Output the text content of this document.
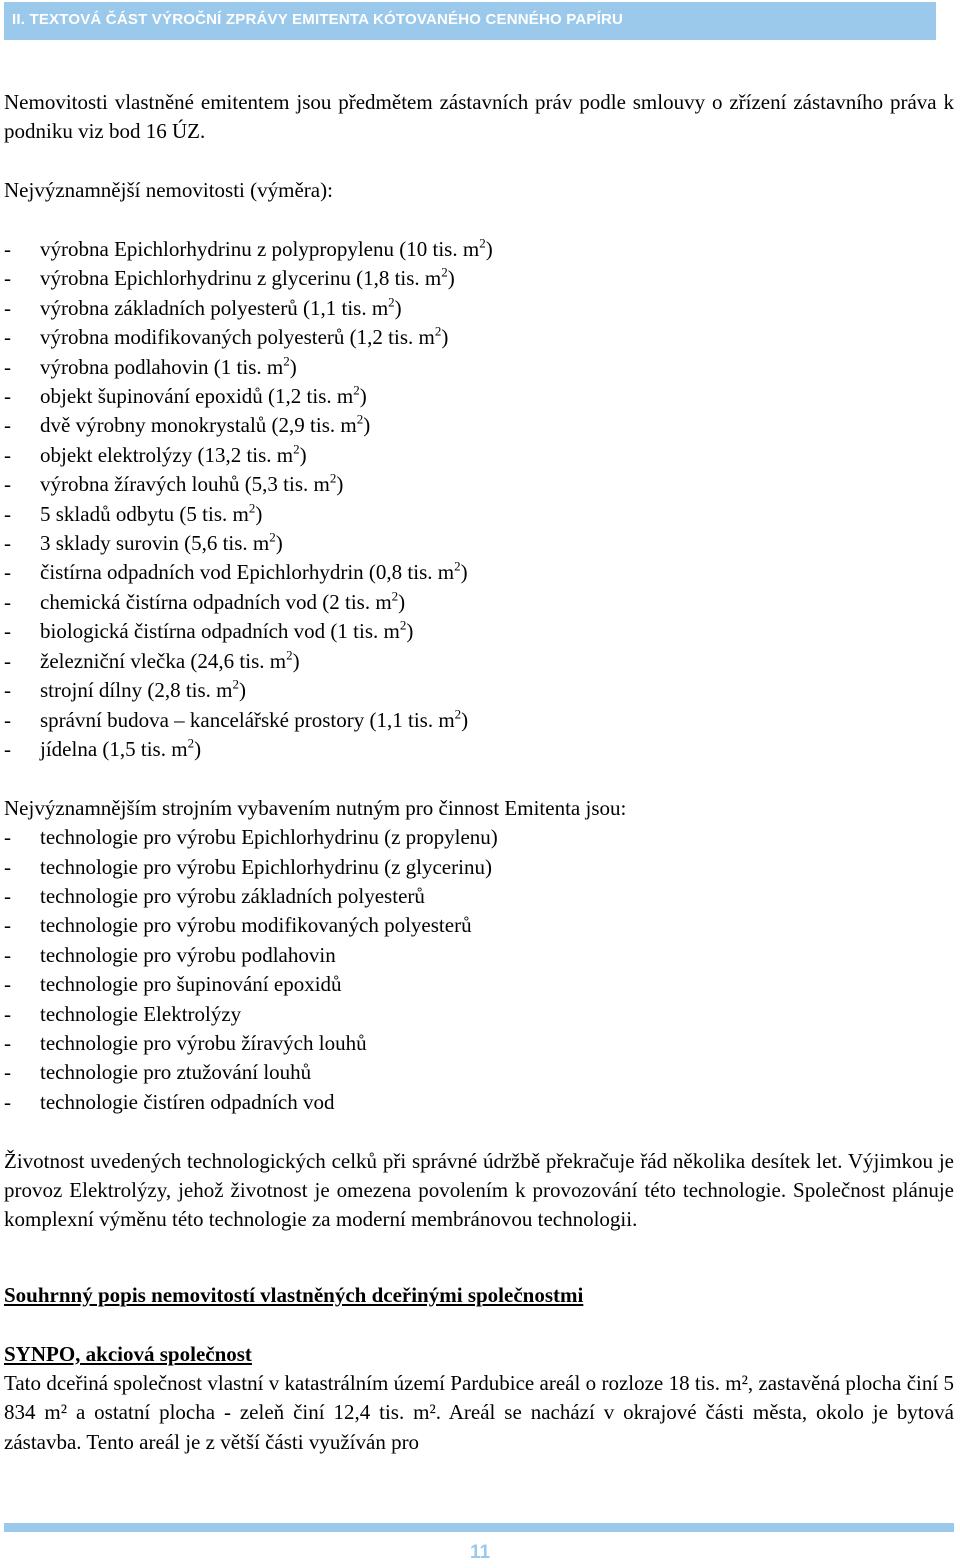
II. TEXTOVÁ ČÁST VÝROČNÍ ZPRÁVY EMITENTA KÓTOVANÉHO CENNÉHO PAPÍRU

Nemovitosti vlastněné emitentem jsou předmětem zástavních práv podle smlouvy o zřízení zástavního práva k podniku viz bod 16 ÚZ.

Nejvýznamnější nemovitosti (výměra):

- výrobna Epichlorhydrinu z polypropylenu (10 tis. $m^2$)
- výrobna Epichlorhydrinu z glycerinu (1,8 tis. $m^2$)
- výrobna základních polyesterů (1,1 tis. $m^2$)
- výrobna modifikovaných polyesterů (1,2 tis. $m^2$)
- výrobna podlahovin (1 tis. $m^2$)
- objekt šupinování epoxidů (1,2 tis. $m^2$)
- dvě výrobny monokrystalů (2,9 tis. $m^2$)
- objekt elektrolýzy (13,2 tis. $m^2$)
- výrobna žíravých louhů (5,3 tis. $m^2$)
- 5 skladů odbytu (5 tis. $m^2$)
- 3 sklady surovin (5,6 tis. $m^2$)
- čistírna odpadních vod Epichlorhydrin (0,8 tis. $m^2$)
- chemická čistírna odpadních vod (2 tis. $m^2$)
- biologická čistírna odpadních vod (1 tis. $m^2$)
- železniční vlečka (24,6 tis. $m^2$)
- strojní dílny (2,8 tis. $m^2$)
- správní budova – kancelářské prostory (1,1 tis. $m^2$)
- jídelna (1,5 tis. $m^2$)

Nejvýznamnějším strojním vybavením nutným pro činnost Emitenta jsou:

- technologie pro výrobu Epichlorhydrinu (z propylenu)
- technologie pro výrobu Epichlorhydrinu (z glycerinu)
- technologie pro výrobu základních polyesterů
- technologie pro výrobu modifikovaných polyesterů
- technologie pro výrobu podlahovin
- technologie pro šupinování epoxidů
- technologie Elektrolýzy
- technologie pro výrobu žíravých louhů
- technologie pro ztužování louhů
- technologie čistíren odpadních vod

Životnost uvedených technologických celků při správné údržbě překračuje řád několika desítek let. Výjimkou je provoz Elektrolýzy, jehož životnost je omezena povolením k provozování této technologie. Společnost plánuje komplexní výměnu této technologie za moderní membránovou technologii.

Souhrnný popis nemovitostí vlastněných dceřinými společnostmi

SYNPO, akciová společnost

Tato dceřiná společnost vlastní v katastrálním území Pardubice areál o rozloze 18 tis. m², zastavěná plocha činí 5 834 m² a ostatní plocha - zeleň činí 12,4 tis. m². Areál se nachází v okrajové části města, okolo je bytová zástavba. Tento areál je z větší části využíván pro

11
